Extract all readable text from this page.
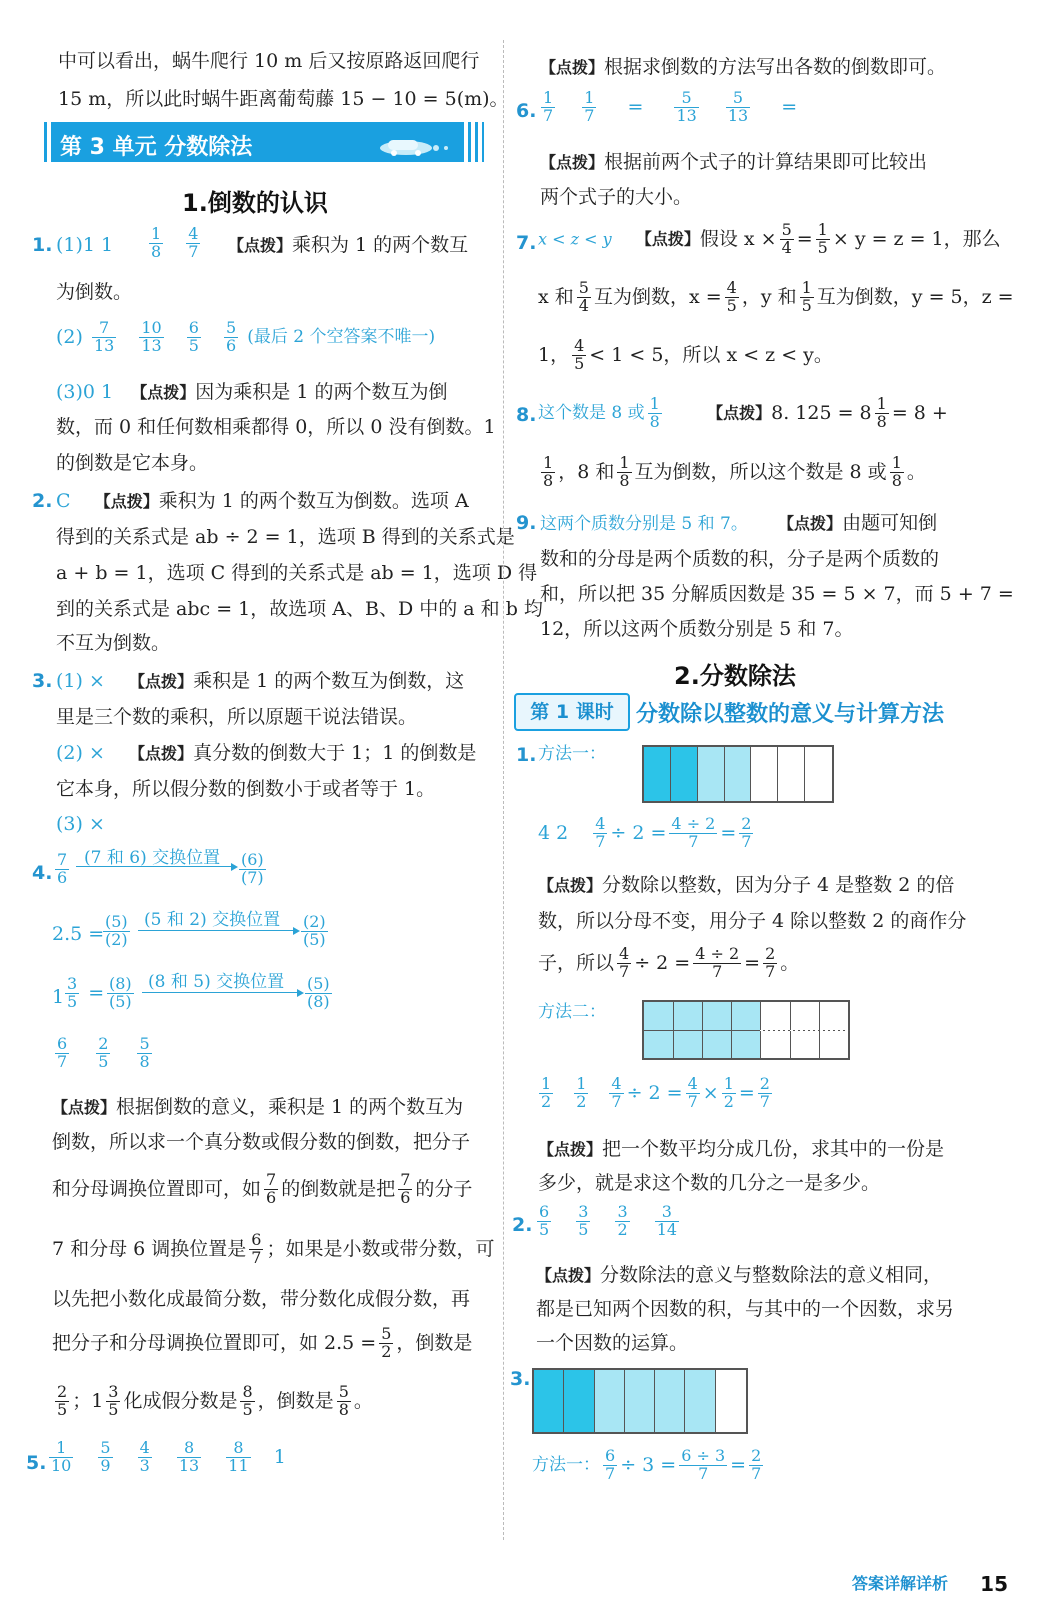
中可以看出，蜗牛爬行 10 m 后又按原路返回爬行
15 m，所以此时蜗牛距离葡萄藤 15 − 10 = 5(m)。
第 3 单元 分数除法
1.倒数的认识
1. (1)1 $1 \frac{1}{8}$
$\frac{4}{7}$ 【点拨】乘积为 1 的两个数互
为倒数。
$(2) \frac{7}{13}$
$\frac{10}{13}$
$\frac{6}{5}$
$\frac{5}{6}$ (最后 2 个空答案不唯一)
(3)0 1 【点拨】因为乘积是 1 的两个数互为倒
数，而 0 和任何数相乘都得 0，所以 0 没有倒数。1
的倒数是它本身。
2. C 【点拨】乘积为 1 的两个数互为倒数。选项 A
得到的关系式是 ab ÷ 2 = 1，选项 B 得到的关系式是
a + b = 1，选项 C 得到的关系式是 ab = 1，选项 D 得
到的关系式是 abc = 1，故选项 A、B、D 中的 a 和 b 均
不互为倒数。
3. (1) × 【点拨】乘积是 1 的两个数互为倒数，这
里是三个数的乘积，所以原题干说法错误。
(2) × 【点拨】真分数的倒数大于 1；1 的倒数是
它本身，所以假分数的倒数小于或者等于 1。
(3) ×
4. $\frac{7}{6} (7$ 和 6) 交换位置 $\frac{(6)}{(7)}$
2.5 =
$\frac{(5)}{(2)} (5$ 和 2) 交换位置 $\frac{(2)}{(5)}$
$1 \frac{3}{5} = \frac{(8)}{(5)} (8$ 和 5) 交换位置 $\frac{(5)}{(8)}$
$\frac{6}{7}$
$\frac{2}{5}$
$\frac{5}{8}$
【点拨】根据倒数的意义，乘积是 1 的两个数互为
倒数，所以求一个真分数或假分数的倒数，把分子
和分母调换位置即可，如 $\frac{7}{6}$ 的倒数就是把 $\frac{7}{6}$ 的分子
7 和分母 6 调换位置是 $\frac{6}{7}$ ；如果是小数或带分数，可
以先把小数化成最简分数，带分数化成假分数，再
把分子和分母调换位置即可，如 $2.5 = \frac{5}{2}$ ，倒数是
$\frac{2}{5}$ ；$1 \frac{3}{5}$ 化成假分数是 $\frac{8}{5}$ ，倒数是 $\frac{5}{8}$ 。
5. $\frac{1}{10}$
$\frac{5}{9}$
$\frac{4}{3}$
$\frac{8}{13}$
$\frac{8}{11} 1$
【点拨】根据求倒数的方法写出各数的倒数即可。
6. $\frac{1}{7}$
$\frac{1}{7} = \frac{5}{13}$
$\frac{5}{13}$ =
【点拨】根据前两个式子的计算结果即可比较出
两个式子的大小。
7. x < z < y 【点拨】假设 $x \times \frac{5}{4} = \frac{1}{5} \times y = z = 1$，那么
x 和 $\frac{5}{4}$ 互为倒数，$x = \frac{4}{5}$ ，y 和 $\frac{1}{5}$ 互为倒数，y = 5，z =
1， $\frac{4}{5} < 1 < 5$，所以 x < z < y。
8. 这个数是 8 或 $\frac{1}{8}$	【点拨】8. $125 = 8 \frac{1}{8} = 8$ +
$\frac{1}{8}$ ，8 和 $\frac{1}{8}$ 互为倒数，所以这个数是 8 或 $\frac{1}{8}$ 。
9. 这两个质数分别是 5 和 7。 【点拨】由题可知倒
数和的分母是两个质数的积，分子是两个质数的
和，所以把 35 分解质因数是 35 = 5 × 7，而 5 + 7 =
12，所以这两个质数分别是 5 和 7。
2.分数除法
第 1 课时	分数除以整数的意义与计算方法
1. 方法一：
4 $2 \frac{4}{7} \div 2 = \frac{4 \div 2}{7} = \frac{2}{7}$
【点拨】分数除以整数，因为分子 4 是整数 2 的倍
数，所以分母不变，用分子 4 除以整数 2 的商作分
子，所以 $\frac{4}{7} \div 2 = \frac{4 \div 2}{7} = \frac{2}{7}$ 。
方法二：
$\frac{1}{2} \frac{1}{2} \frac{4}{7} \div 2 = \frac{4}{7} \times \frac{1}{2} = \frac{2}{7}$
【点拨】把一个数平均分成几份，求其中的一份是
多少，就是求这个数的几分之一是多少。
2. $\frac{6}{5}$
$\frac{3}{5}$
$\frac{3}{2}$
$\frac{3}{14}$
【点拨】分数除法的意义与整数除法的意义相同，
都是已知两个因数的积，与其中的一个因数，求另
一个因数的运算。
3.
方法一： $\frac{6}{7} \div 3 = \frac{6 \div 3}{7} = \frac{2}{7}$
答案详解详析 15
